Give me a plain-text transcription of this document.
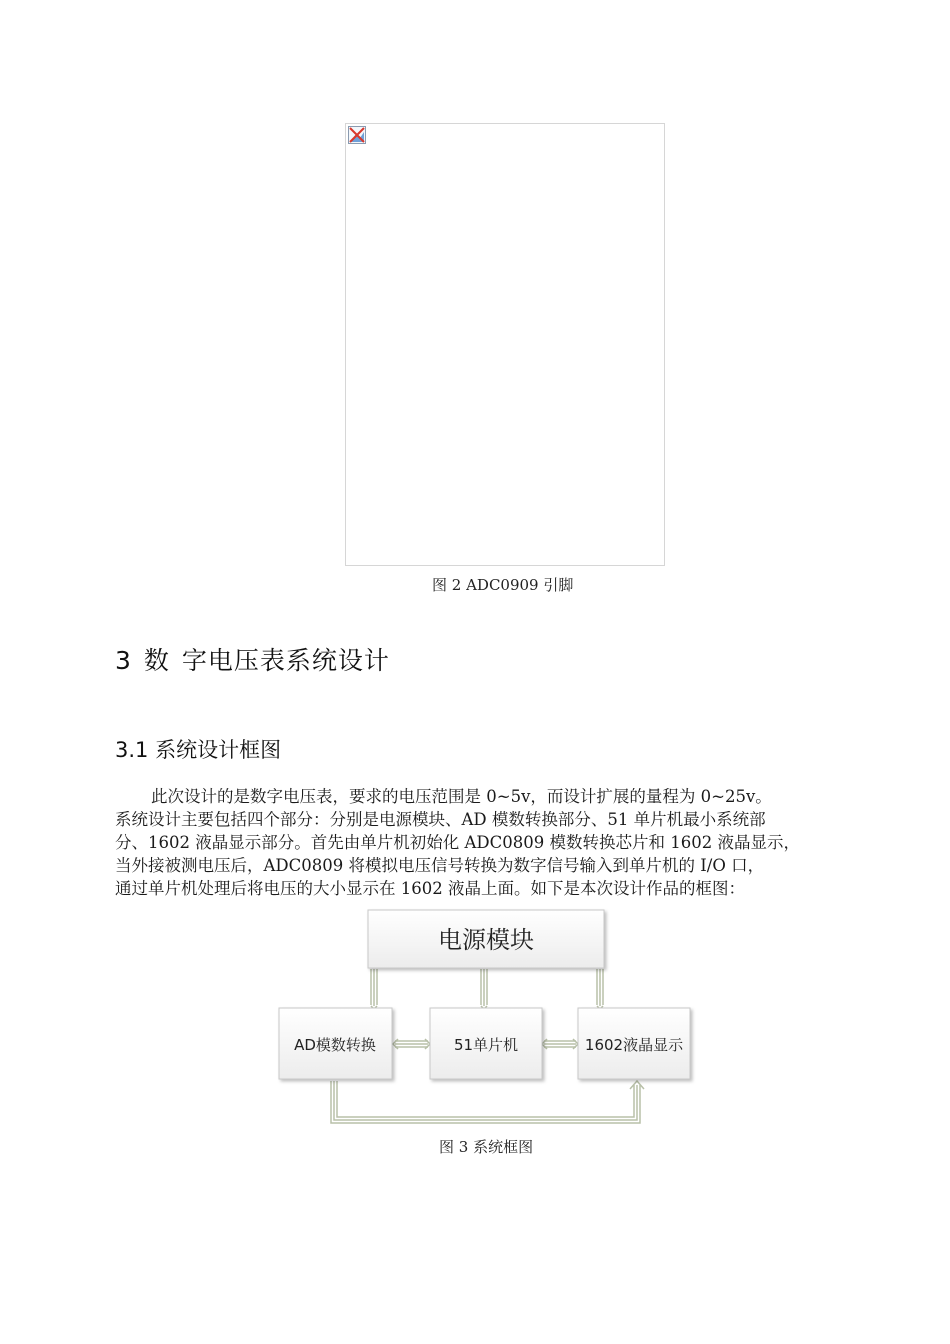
图 2 ADC0909 引脚
3 数 字电压表系统设计
3.1 系统设计框图
此次设计的是数字电压表，要求的电压范围是 0~5v，而设计扩展的量程为 0~25v。
系统设计主要包括四个部分：分别是电源模块、AD 模数转换部分、51 单片机最小系统部
分、1602 液晶显示部分。首先由单片机初始化 ADC0809 模数转换芯片和 1602 液晶显示，
当外接被测电压后，ADC0809 将模拟电压信号转换为数字信号输入到单片机的 I/O 口，
通过单片机处理后将电压的大小显示在 1602 液晶上面。如下是本次设计作品的框图：
电源模块
AD模数转换	51单片机	1602液晶显示
图 3 系统框图
